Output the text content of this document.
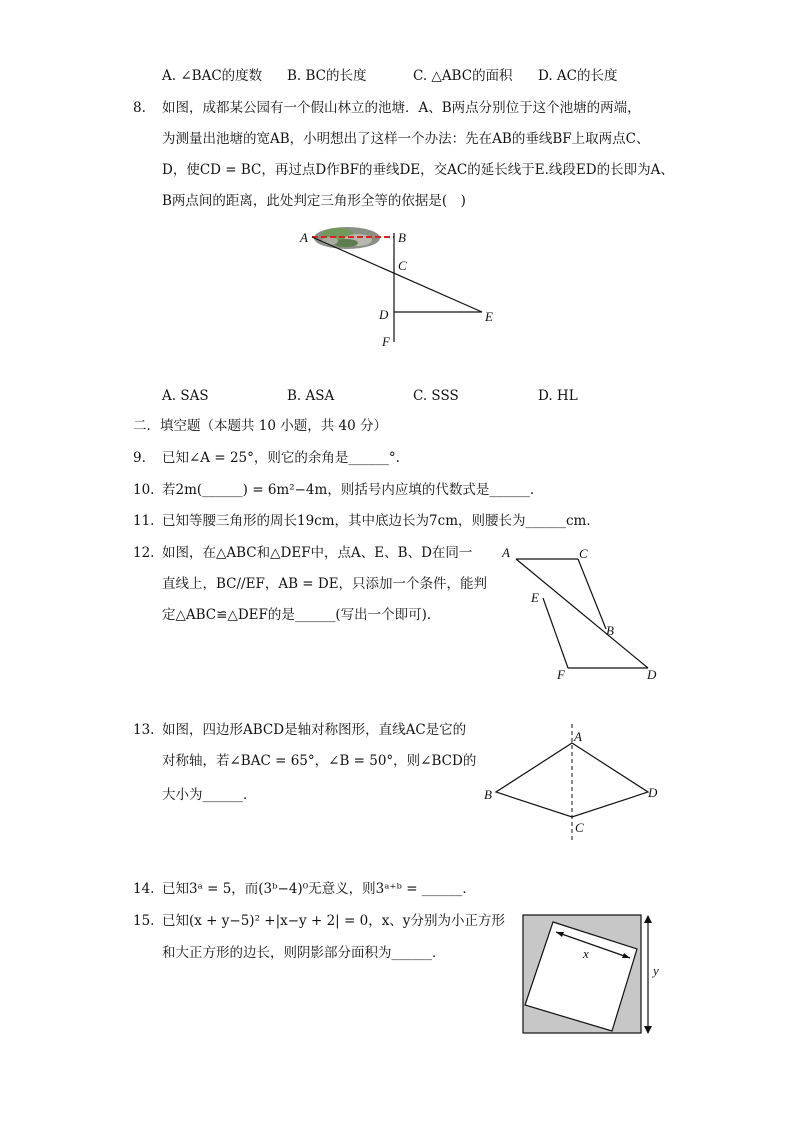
A. ∠BAC的度数 B. BC的长度	C. △ABC的面积 D. AC的长度
8. 如图，成都某公园有一个假山林立的池塘．A、B两点分别位于这个池塘的两端，
为测量出池塘的宽AB，小明想出了这样一个办法：先在AB的垂线BF上取两点C、
D，使CD = BC，再过点D作BF的垂线DE，交AC的延长线于E.线段ED的长即为A、
B两点间的距离，此处判定三角形全等的依据是(　)
A	B
C
D	E
F
A. SAS	B. ASA	C. SSS	D. HL
二．填空题（本题共 10 小题，共 40 分）
9. 已知∠A = 25°，则它的余角是______°.
10. 若2m(______) = 6m²−4m，则括号内应填的代数式是______．
11. 已知等腰三角形的周长19cm，其中底边长为7cm，则腰长为______cm．
12. 如图，在△ABC和△DEF中，点A、E、B、D在同一
直线上，BC//EF，AB = DE，只添加一个条件，能判
定△ABC≌△DEF的是______(写出一个即可)．
A	C
E
B
F	D
13. 如图，四边形ABCD是轴对称图形，直线AC是它的
对称轴，若∠BAC = 65°，∠B = 50°，则∠BCD的
大小为______．
A
B	D
C
14. 已知3ᵃ = 5，而(3ᵇ−4)⁰无意义，则3ᵃ⁺ᵇ = ______．
15. 已知(x + y−5)² +|x−y + 2| = 0，x、y分别为小正方形
和大正方形的边长，则阴影部分面积为______．	x
y
